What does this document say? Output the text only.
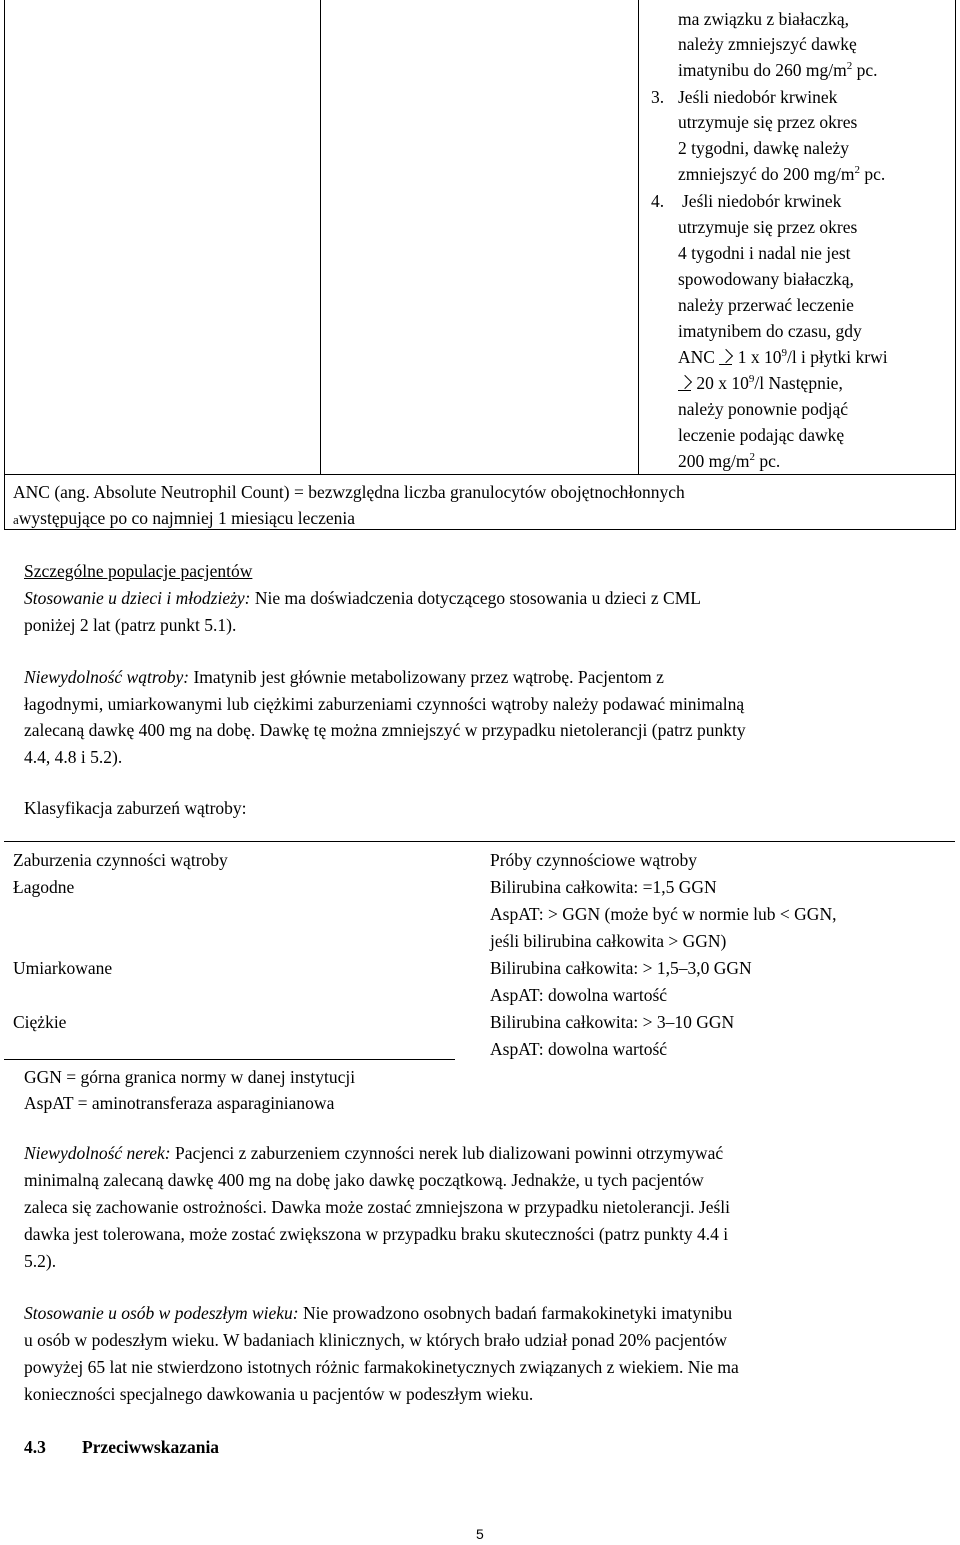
ma związku z białaczką,
należy zmniejszyć dawkę
imatynibu do 260 $mg/m^2$ pc.
3. Jeśli niedobór krwinek
utrzymuje się przez okres
2 tygodni, dawkę należy
zmniejszyć do 200 $mg/m^2$ pc.
4. Jeśli niedobór krwinek
utrzymuje się przez okres
4 tygodni i nadal nie jest
spowodowany białaczką,
należy przerwać leczenie
imatynibem do czasu, gdy
ANC 1 x $10^9/l$ i płytki krwi
20 x $10^9/l$ Następnie,
należy ponownie podjąć
leczenie podając dawkę
200 $mg/m^2$ pc.
ANC (ang. Absolute Neutrophil Count) = bezwzględna liczba granulocytów obojętnochłonnych
awystępujące po co najmniej 1 miesiącu leczenia
Szczególne populacje pacjentów
Stosowanie u dzieci i młodzieży: Nie ma doświadczenia dotyczącego stosowania u dzieci z CML
poniżej 2 lat (patrz punkt 5.1).
Niewydolność wątroby: Imatynib jest głównie metabolizowany przez wątrobę. Pacjentom z
łagodnymi, umiarkowanymi lub ciężkimi zaburzeniami czynności wątroby należy podawać minimalną
zalecaną dawkę 400 mg na dobę. Dawkę tę można zmniejszyć w przypadku nietolerancji (patrz punkty
4.4, 4.8 i 5.2).
Klasyfikacja zaburzeń wątroby:
Zaburzenia czynności wątroby	Próby czynnościowe wątroby
Łagodne	Bilirubina całkowita: =1,5 GGN
AspAT: > GGN (może być w normie lub < GGN,
jeśli bilirubina całkowita > GGN)
Umiarkowane	Bilirubina całkowita: > 1,5–3,0 GGN
AspAT: dowolna wartość
Ciężkie	Bilirubina całkowita: > 3–10 GGN
AspAT: dowolna wartość
GGN = górna granica normy w danej instytucji
AspAT = aminotransferaza asparaginianowa
Niewydolność nerek: Pacjenci z zaburzeniem czynności nerek lub dializowani powinni otrzymywać
minimalną zalecaną dawkę 400 mg na dobę jako dawkę początkową. Jednakże, u tych pacjentów
zaleca się zachowanie ostrożności. Dawka może zostać zmniejszona w przypadku nietolerancji. Jeśli
dawka jest tolerowana, może zostać zwiększona w przypadku braku skuteczności (patrz punkty 4.4 i
5.2).
Stosowanie u osób w podeszłym wieku: Nie prowadzono osobnych badań farmakokinetyki imatynibu
u osób w podeszłym wieku. W badaniach klinicznych, w których brało udział ponad 20% pacjentów
powyżej 65 lat nie stwierdzono istotnych różnic farmakokinetycznych związanych z wiekiem. Nie ma
konieczności specjalnego dawkowania u pacjentów w podeszłym wieku.
4.3 Przeciwwskazania
5
